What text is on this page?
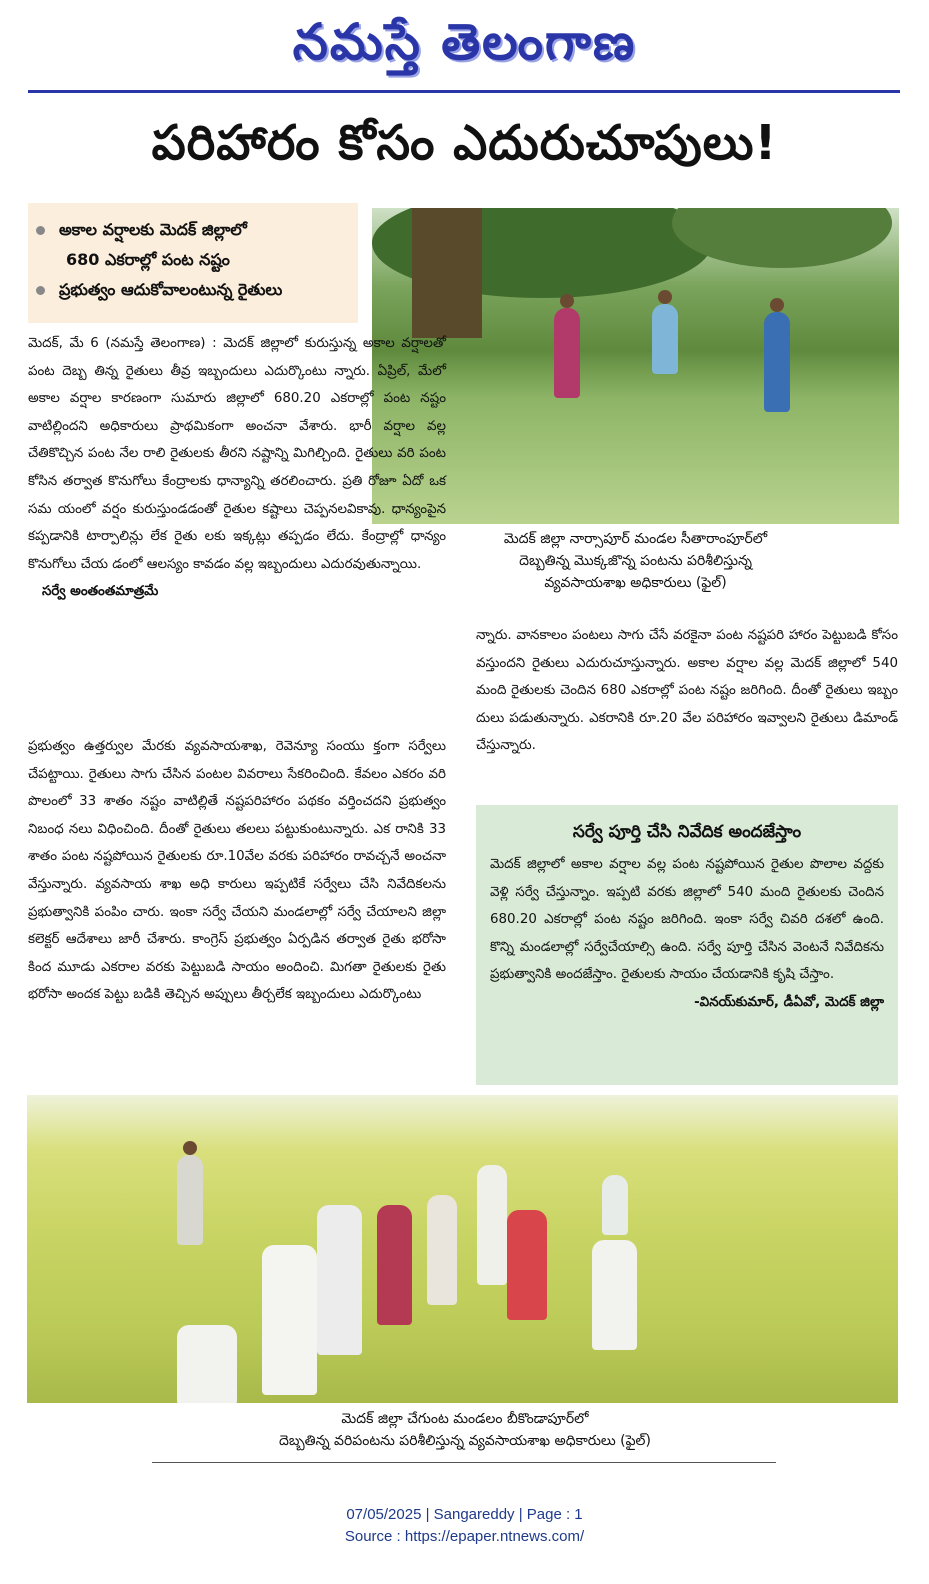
నమస్తే తెలంగాణ
పరిహారం కోసం ఎదురుచూపులు!
అకాల వర్షాలకు మెదక్ జిల్లాలో
680 ఎకరాల్లో పంట నష్టం
ప్రభుత్వం ఆదుకోవాలంటున్న రైతులు
మెదక్ జిల్లా నార్సాపూర్ మండల సీతారాంపూర్‌లో
దెబ్బతిన్న మొక్కజొన్న పంటను పరిశీలిస్తున్న
వ్యవసాయశాఖ అధికారులు (ఫైల్)
మెదక్, మే 6 (నమస్తే తెలంగాణ) : మెదక్ జిల్లాలో కురుస్తున్న అకాల వర్షాలతో పంట దెబ్బ తిన్న రైతులు తీవ్ర ఇబ్బందులు ఎదుర్కొంటు న్నారు. ఏప్రిల్, మేలో అకాల వర్షాల కారణంగా సుమారు జిల్లాలో 680.20 ఎకరాల్లో పంట నష్టం వాటిల్లిందని అధికారులు ప్రాథమికంగా అంచనా వేశారు. భారీ వర్షాల వల్ల చేతికొచ్చిన పంట నేల రాలి రైతులకు తీరని నష్టాన్ని మిగిల్చింది. రైతులు వరి పంట కోసిన తర్వాత కొనుగోలు కేంద్రాలకు ధాన్యాన్ని తరలించారు. ప్రతి రోజూ ఏదో ఒక సమ యంలో వర్షం కురుస్తుండడంతో రైతుల కష్టాలు చెప్పనలవికావు. ధాన్యంపైన కప్పడానికి టార్పాలిన్లు లేక రైతు లకు ఇక్కట్లు తప్పడం లేదు. కేంద్రాల్లో ధాన్యం కొనుగోలు చేయ డంలో ఆలస్యం కావడం వల్ల ఇబ్బందులు ఎదురవుతున్నాయి.
సర్వే అంతంతమాత్రమే
ప్రభుత్వం ఉత్తర్వుల మేరకు వ్యవసాయశాఖ, రెవెన్యూ సంయు క్తంగా సర్వేలు చేపట్టాయి. రైతులు సాగు చేసిన పంటల వివరాలు సేకరించింది. కేవలం ఎకరం వరి పొలంలో 33 శాతం నష్టం వాటిల్లితే నష్టపరిహారం పథకం వర్తించదని ప్రభుత్వం నిబంధ నలు విధించింది. దీంతో రైతులు తలలు పట్టుకుంటున్నారు. ఎక రానికి 33 శాతం పంట నష్టపోయిన రైతులకు రూ.10వేల వరకు పరిహారం రావచ్చనే అంచనా వేస్తున్నారు. వ్యవసాయ శాఖ అధి కారులు ఇప్పటికే సర్వేలు చేసి నివేదికలను ప్రభుత్వానికి పంపిం చారు. ఇంకా సర్వే చేయని మండలాల్లో సర్వే చేయాలని జిల్లా కలెక్టర్ ఆదేశాలు జారీ చేశారు. కాంగ్రెస్ ప్రభుత్వం ఏర్పడిన తర్వాత రైతు భరోసా కింద మూడు ఎకరాల వరకు పెట్టుబడి సాయం అందించి. మిగతా రైతులకు రైతు భరోసా అందక పెట్టు బడికి తెచ్చిన అప్పులు తీర్చలేక ఇబ్బందులు ఎదుర్కొంటు
న్నారు. వానకాలం పంటలు సాగు చేసే వరకైనా పంట నష్టపరి హారం పెట్టుబడి కోసం వస్తుందని రైతులు ఎదురుచూస్తున్నారు. అకాల వర్షాల వల్ల మెదక్ జిల్లాలో 540 మంది రైతులకు చెందిన 680 ఎకరాల్లో పంట నష్టం జరిగింది. దీంతో రైతులు ఇబ్బం దులు పడుతున్నారు. ఎకరానికి రూ.20 వేల పరిహారం ఇవ్వాలని రైతులు డిమాండ్ చేస్తున్నారు.
సర్వే పూర్తి చేసి నివేదిక అందజేస్తాం
మెదక్ జిల్లాలో అకాల వర్షాల వల్ల పంట నష్టపోయిన రైతుల పొలాల వద్దకు వెళ్లి సర్వే చేస్తున్నాం. ఇప్పటి వరకు జిల్లాలో 540 మంది రైతులకు చెందిన 680.20 ఎకరాల్లో పంట నష్టం జరిగింది. ఇంకా సర్వే చివరి దశలో ఉంది. కొన్ని మండలాల్లో సర్వేచేయాల్సి ఉంది. సర్వే పూర్తి చేసిన వెంటనే నివేదికను ప్రభుత్వానికి అందజేస్తాం. రైతులకు సాయం చేయడానికి కృషి చేస్తాం.
-వినయ్‌కుమార్, డీఏవో, మెదక్ జిల్లా
మెదక్ జిల్లా చేగుంట మండలం బీకొండాపూర్‌లో
దెబ్బతిన్న వరిపంటను పరిశీలిస్తున్న వ్యవసాయశాఖ అధికారులు (ఫైల్)
07/05/2025 | Sangareddy | Page : 1
Source : https://epaper.ntnews.com/
